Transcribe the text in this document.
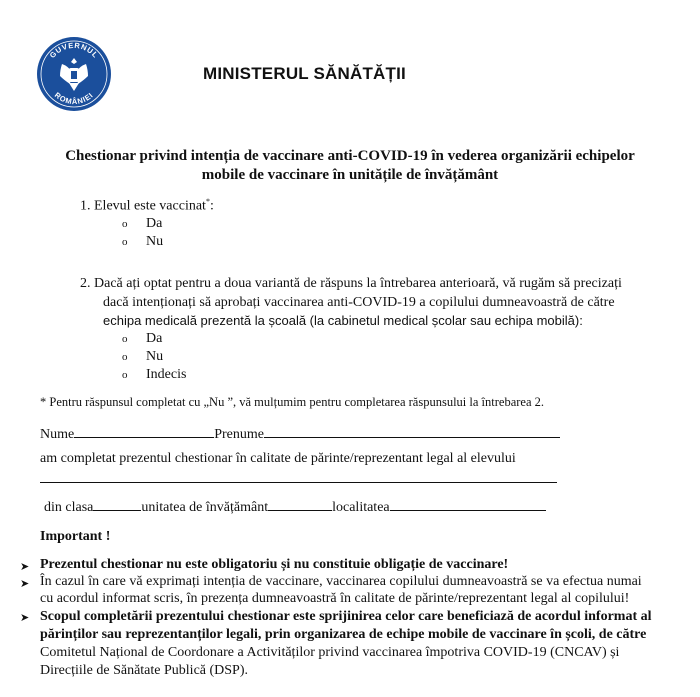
GUVERNUL
ROMÂNIEI
MINISTERUL SĂNĂTĂȚII
Chestionar privind intenția de vaccinare anti-COVID-19 în vederea organizării echipelor
mobile de vaccinare în unitățile de învățământ
1. Elevul este vaccinat*:
o Da
o Nu
2. Dacă ați optat pentru a doua variantă de răspuns la întrebarea anterioară, vă rugăm să precizați
dacă intenționați să aprobați vaccinarea anti-COVID-19 a copilului dumneavoastră de către
echipa medicală prezentă la școală (la cabinetul medical școlar sau echipa mobilă):
o Da
o Nu
o Indecis
* Pentru răspunsul completat cu „Nu ”, vă mulțumim pentru completarea răspunsului la întrebarea 2.
Nume	Prenume
am completat prezentul chestionar în calitate de părinte/reprezentant legal al elevului
din clasa	unitatea de învățământ	localitatea
Important !
➤ Prezentul chestionar nu este obligatoriu și nu constituie obligație de vaccinare!
➤ În cazul în care vă exprimați intenția de vaccinare, vaccinarea copilului dumneavoastră se va efectua numai
cu acordul informat scris, în prezența dumneavoastră în calitate de părinte/reprezentant legal al copilului!
➤ Scopul completării prezentului chestionar este sprijinirea celor care beneficiază de acordul informat al
părinților sau reprezentanților legali, prin organizarea de echipe mobile de vaccinare în școli, de către
Comitetul Național de Coordonare a Activităților privind vaccinarea împotriva COVID-19 (CNCAV) și
Direcțiile de Sănătate Publică (DSP).
